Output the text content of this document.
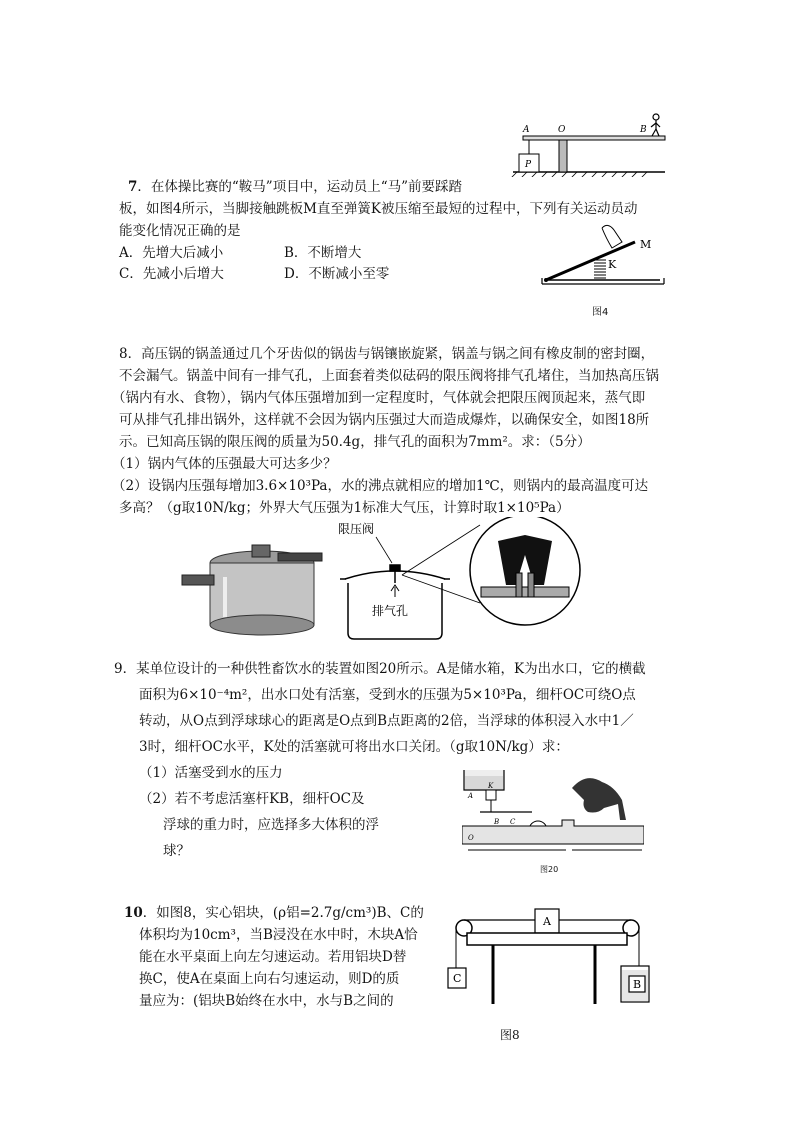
P
A	O	B
7．在体操比赛的“鞍马”项目中，运动员上“马”前要踩踏
板，如图4所示，当脚接触跳板M直至弹簧K被压缩至最短的过程中，下列有关运动员动
能变化情况正确的是
A．先增大后减小	B．不断增大
C．先减小后增大	D．不断减小至零
M
K
图4
8．高压锅的锅盖通过几个牙齿似的锅齿与锅镶嵌旋紧，锅盖与锅之间有橡皮制的密封圈，
不会漏气。锅盖中间有一排气孔，上面套着类似砝码的限压阀将排气孔堵住，当加热高压锅
（锅内有水、食物），锅内气体压强增加到一定程度时，气体就会把限压阀顶起来，蒸气即
可从排气孔排出锅外，这样就不会因为锅内压强过大而造成爆炸，以确保安全，如图18所
示。已知高压锅的限压阀的质量为50.4g，排气孔的面积为7mm²。求：（5分）
（1）锅内气体的压强最大可达多少？
（2）设锅内压强每增加3.6×10³Pa，水的沸点就相应的增加1℃，则锅内的最高温度可达
多高？（g取10N/kg；外界大气压强为1标准大气压，计算时取1×10⁵Pa）
限压阀
排气孔
9．某单位设计的一种供牲畜饮水的装置如图20所示。A是储水箱，K为出水口，它的横截
面积为6×10⁻⁴m²，出水口处有活塞，受到水的压强为5×10³Pa，细杆OC可绕O点
转动，从O点到浮球球心的距离是O点到B点距离的2倍，当浮球的体积浸入水中1／
3时，细杆OC水平，K处的活塞就可将出水口关闭。（g取10N/kg）求：
（1）活塞受到水的压力
（2）若不考虑活塞杆KB，细杆OC及
浮球的重力时，应选择多大体积的浮
球？
A
K
B C
O
图20
10．如图8，实心铝块，(ρ铝=2.7g/cm³)B、C的
体积均为10cm³，当B浸没在水中时，木块A恰
能在水平桌面上向左匀速运动。若用铝块D替
换C，使A在桌面上向右匀速运动，则D的质
量应为：(铝块B始终在水中，水与B之间的
A
C	B
图8
